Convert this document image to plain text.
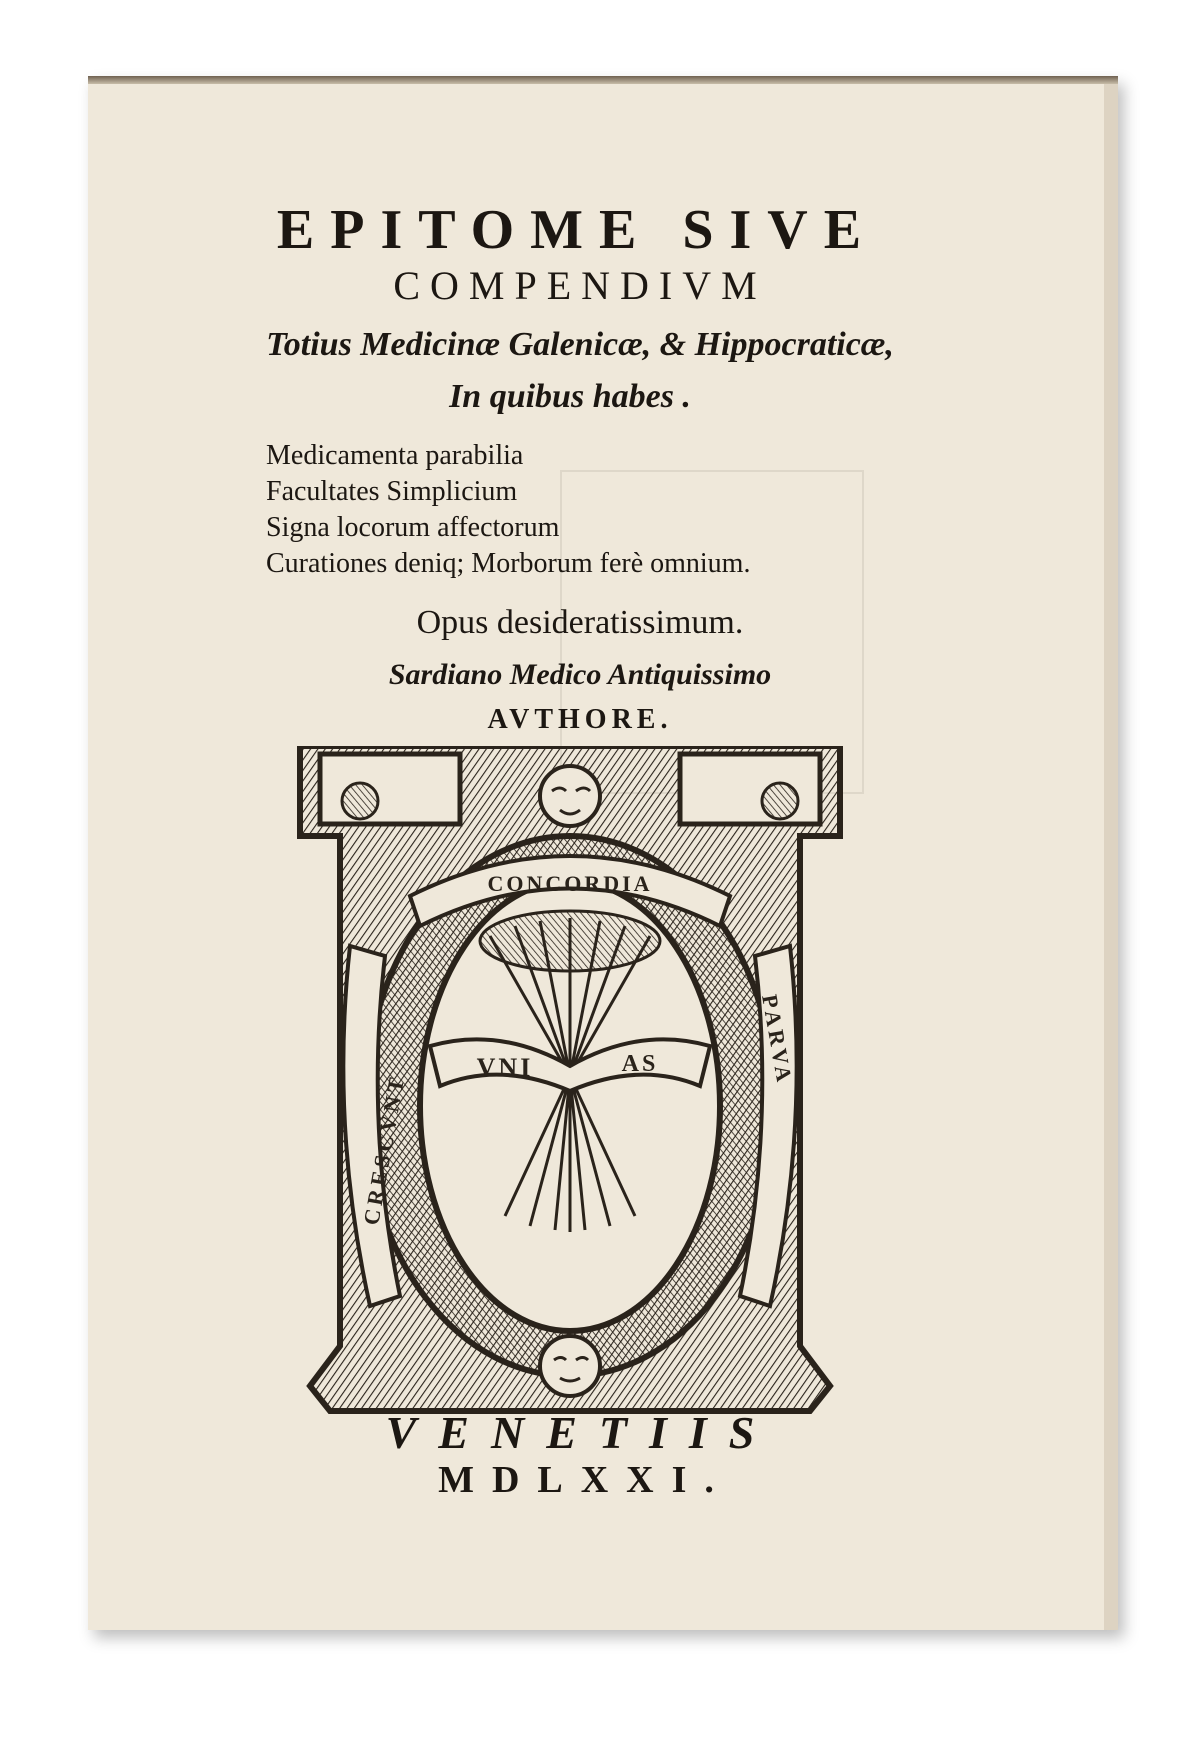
EPITOME SIVE
COMPENDIVM
Totius Medicinæ Galenicæ, & Hippocraticæ,
In quibus habes .
Medicamenta parabilia
Facultates Simplicium
Signa locorum affectorum
Curationes deniq; Morborum ferè omnium.
Opus desideratissimum.
Sardiano Medico Antiquissimo
AVTHORE.
CONCORDIA
CRESCVNT
PARVA
VNI	AS
VENETIIS
MDLXXI.
